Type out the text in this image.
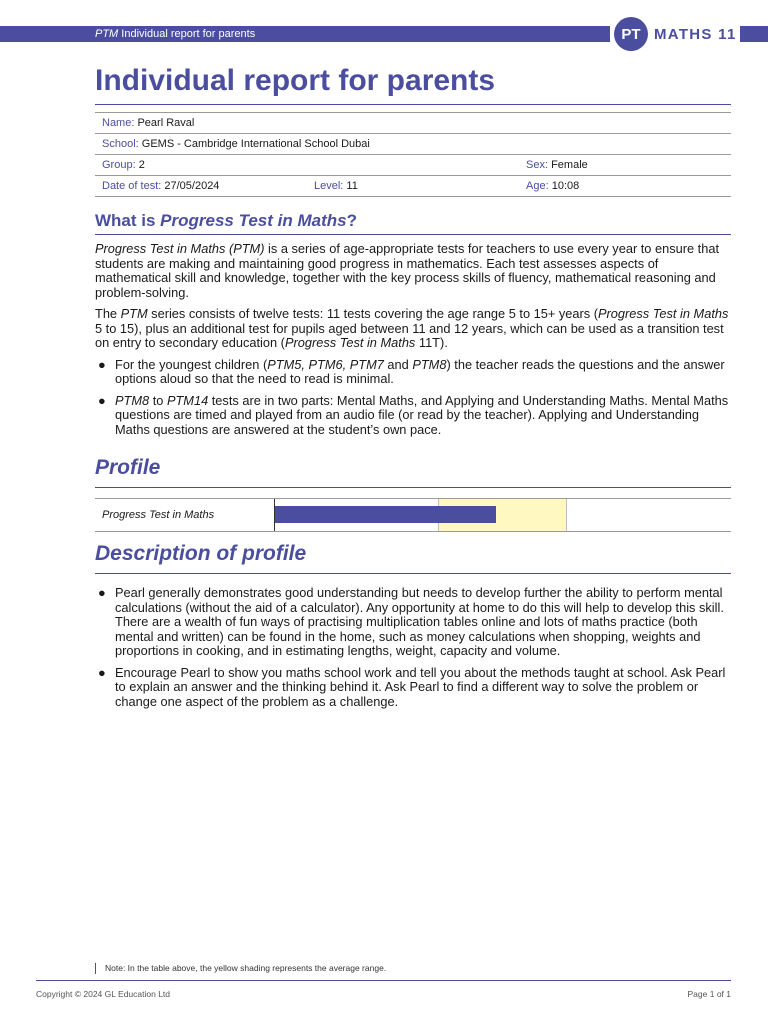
PTM Individual report for parents	PT MATHS 11
Individual report for parents
Name: Pearl Raval		
School: GEMS - Cambridge International School Dubai		
Group: 2		Sex: Female
Date of test: 27/05/2024	Level: 11	Age: 10:08
What is Progress Test in Maths?

Progress Test in Maths (PTM) is a series of age-appropriate tests for teachers to use every year to ensure that students are making and maintaining good progress in mathematics. Each test assesses aspects of mathematical skill and knowledge, together with the key process skills of fluency, mathematical reasoning and problem-solving.

The PTM series consists of twelve tests: 11 tests covering the age range 5 to 15+ years (Progress Test in Maths 5 to 15), plus an additional test for pupils aged between 11 and 12 years, which can be used as a transition test on entry to secondary education (Progress Test in Maths 11T).

● For the youngest children (PTM5, PTM6, PTM7 and PTM8) the teacher reads the questions and the answer options aloud so that the need to read is minimal.
● PTM8 to PTM14 tests are in two parts: Mental Maths, and Applying and Understanding Maths. Mental Maths questions are timed and played from an audio file (or read by the teacher). Applying and Understanding Maths questions are answered at the student’s own pace.
Profile
Progress Test in Maths
Description of profile
● Pearl generally demonstrates good understanding but needs to develop further the ability to perform mental calculations (without the aid of a calculator). Any opportunity at home to do this will help to develop this skill. There are a wealth of fun ways of practising multiplication tables online and lots of maths practice (both mental and written) can be found in the home, such as money calculations when shopping, weights and proportions in cooking, and in estimating lengths, weight, capacity and volume.
● Encourage Pearl to show you maths school work and tell you about the methods taught at school. Ask Pearl to explain an answer and the thinking behind it. Ask Pearl to find a different way to solve the problem or change one aspect of the problem as a challenge.
Note: In the table above, the yellow shading represents the average range.
Copyright © 2024 GL Education Ltd	Page 1 of 1
